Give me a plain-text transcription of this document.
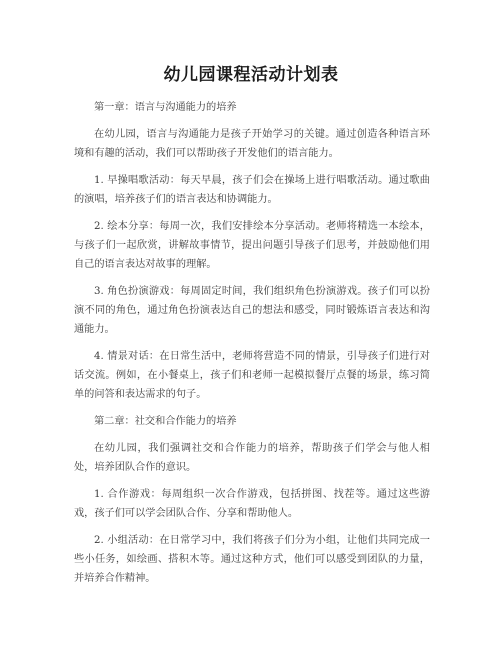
幼儿园课程活动计划表

第一章：语言与沟通能力的培养

在幼儿园，语言与沟通能力是孩子开始学习的关键。通过创造各种语言环境和有趣的活动，我们可以帮助孩子开发他们的语言能力。

1. 早操唱歌活动：每天早晨，孩子们会在操场上进行唱歌活动。通过歌曲的演唱，培养孩子们的语言表达和协调能力。

2. 绘本分享：每周一次，我们安排绘本分享活动。老师将精选一本绘本，与孩子们一起欣赏，讲解故事情节，提出问题引导孩子们思考，并鼓励他们用自己的语言表达对故事的理解。

3. 角色扮演游戏：每周固定时间，我们组织角色扮演游戏。孩子们可以扮演不同的角色，通过角色扮演表达自己的想法和感受，同时锻炼语言表达和沟通能力。

4. 情景对话：在日常生活中，老师将营造不同的情景，引导孩子们进行对话交流。例如，在小餐桌上，孩子们和老师一起模拟餐厅点餐的场景，练习简单的问答和表达需求的句子。

第二章：社交和合作能力的培养

在幼儿园，我们强调社交和合作能力的培养，帮助孩子们学会与他人相处，培养团队合作的意识。

1. 合作游戏：每周组织一次合作游戏，包括拼图、找茬等。通过这些游戏，孩子们可以学会团队合作、分享和帮助他人。

2. 小组活动：在日常学习中，我们将孩子们分为小组，让他们共同完成一些小任务，如绘画、搭积木等。通过这种方式，他们可以感受到团队的力量，并培养合作精神。
